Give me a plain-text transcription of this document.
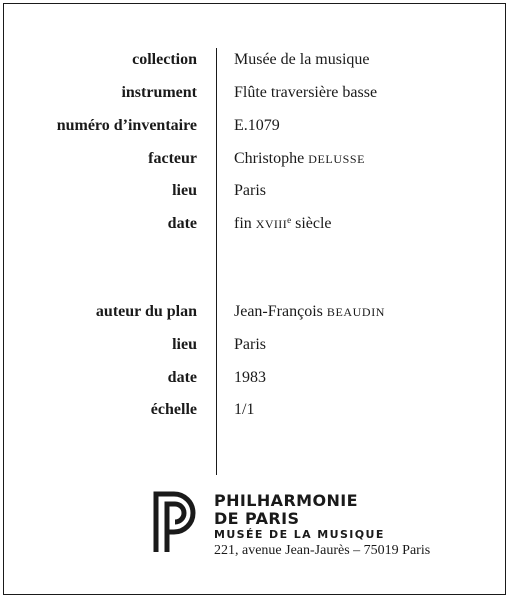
collection Musée de la musique
instrument Flûte traversière basse
numéro d’inventaire E.1079
facteur Christophe DELUSSE
lieu Paris
date fin XVIIIe siècle
auteur du plan Jean-François BEAUDIN
lieu Paris
date 1983
échelle 1/1
PHILHARMONIE
DE PARIS
MUSÉE DE LA MUSIQUE
221, avenue Jean-Jaurès – 75019 Paris
